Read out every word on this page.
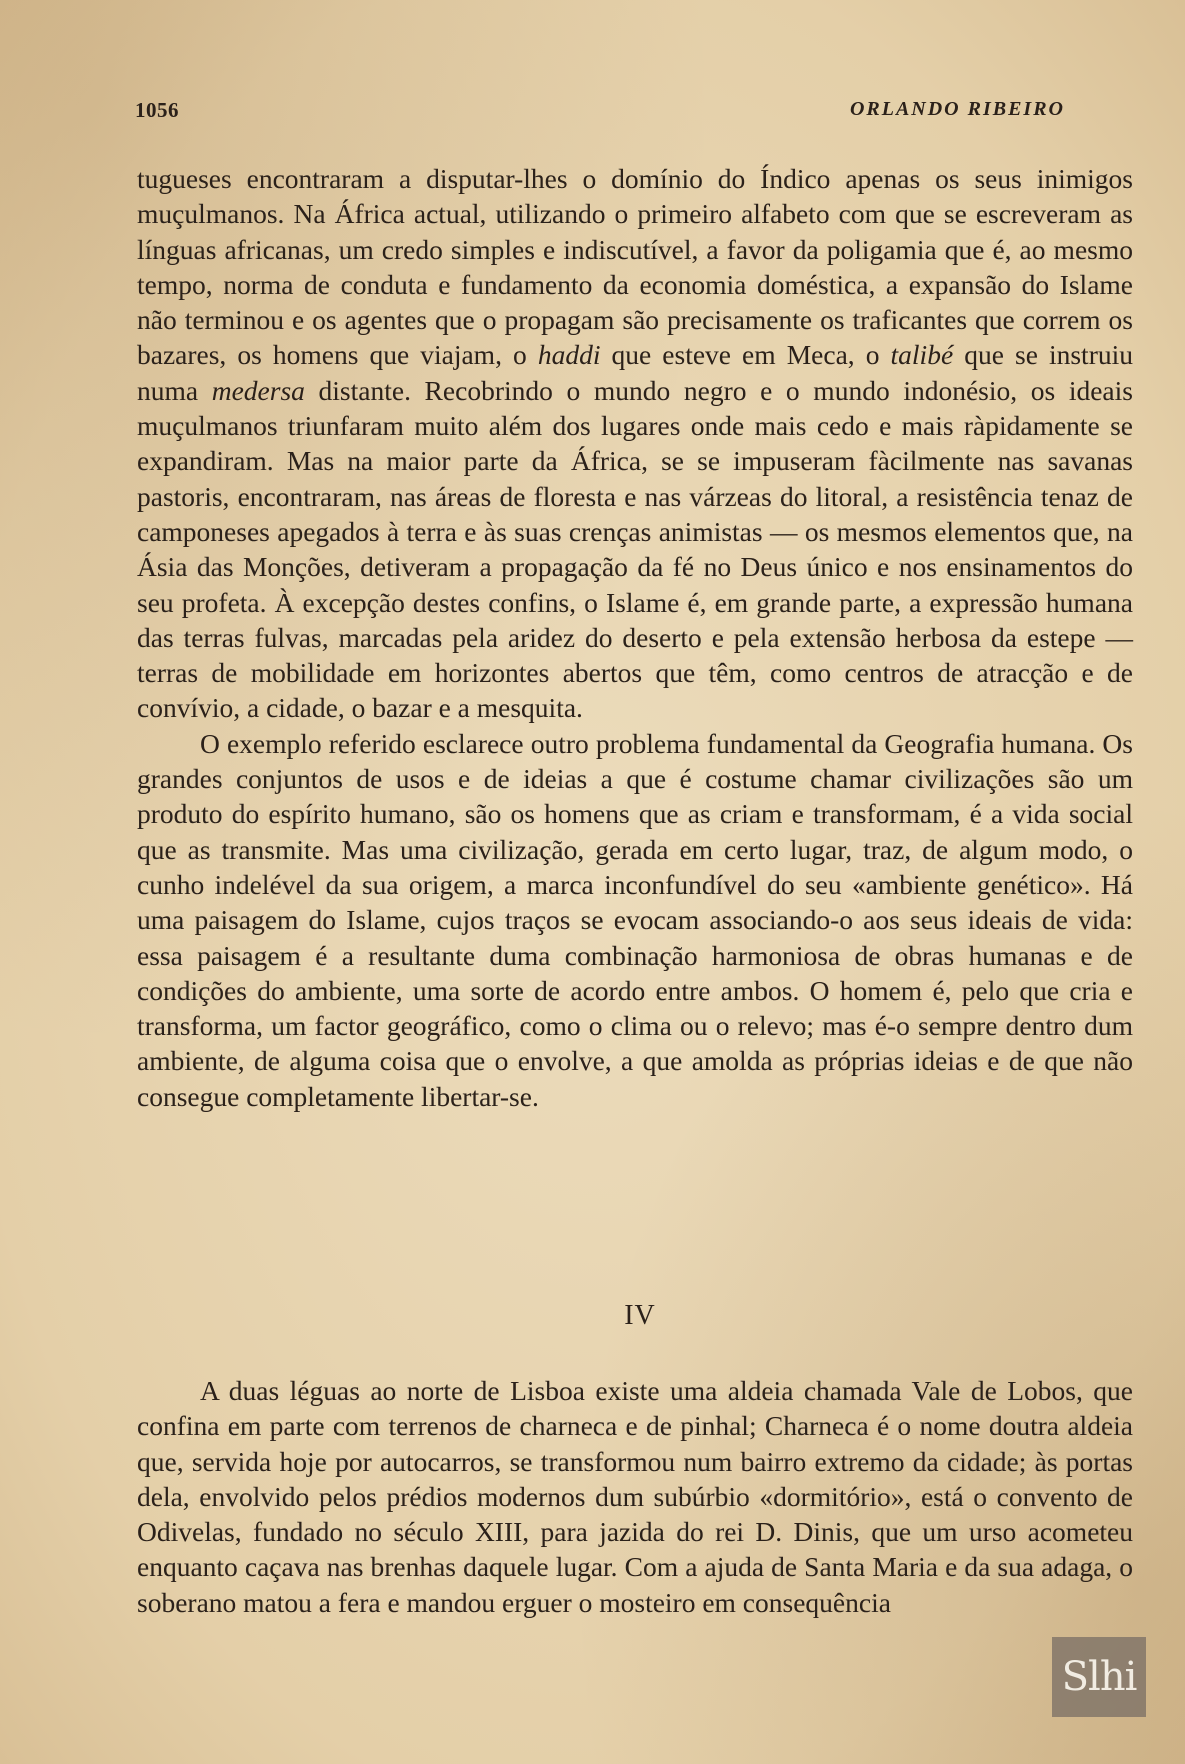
1056	ORLANDO RIBEIRO

tugueses encontraram a disputar-lhes o domínio do Índico apenas os seus inimigos muçulmanos. Na África actual, utilizando o primeiro alfabeto com que se escreveram as línguas africanas, um credo simples e indiscutível, a favor da poligamia que é, ao mesmo tempo, norma de conduta e fundamento da economia doméstica, a expansão do Islame não terminou e os agentes que o propagam são precisamente os traficantes que correm os bazares, os homens que viajam, o haddi que esteve em Meca, o talibé que se instruiu numa medersa distante. Recobrindo o mundo negro e o mundo indonésio, os ideais muçulmanos triunfaram muito além dos lugares onde mais cedo e mais ràpidamente se expandiram. Mas na maior parte da África, se se impuseram fàcilmente nas savanas pastoris, encontraram, nas áreas de floresta e nas várzeas do litoral, a resistência tenaz de camponeses apegados à terra e às suas crenças animistas — os mesmos elementos que, na Ásia das Monções, detiveram a propagação da fé no Deus único e nos ensinamentos do seu profeta. À excepção destes confins, o Islame é, em grande parte, a expressão humana das terras fulvas, marcadas pela aridez do deserto e pela extensão herbosa da estepe — terras de mobilidade em horizontes abertos que têm, como centros de atracção e de convívio, a cidade, o bazar e a mesquita.

O exemplo referido esclarece outro problema fundamental da Geografia humana. Os grandes conjuntos de usos e de ideias a que é costume chamar civilizações são um produto do espírito humano, são os homens que as criam e transformam, é a vida social que as transmite. Mas uma civilização, gerada em certo lugar, traz, de algum modo, o cunho indelével da sua origem, a marca inconfundível do seu «ambiente genético». Há uma paisagem do Islame, cujos traços se evocam associando-o aos seus ideais de vida: essa paisagem é a resultante duma combinação harmoniosa de obras humanas e de condições do ambiente, uma sorte de acordo entre ambos. O homem é, pelo que cria e transforma, um factor geográfico, como o clima ou o relevo; mas é-o sempre dentro dum ambiente, de alguma coisa que o envolve, a que amolda as próprias ideias e de que não consegue completamente libertar-se.

IV

A duas léguas ao norte de Lisboa existe uma aldeia chamada Vale de Lobos, que confina em parte com terrenos de charneca e de pinhal; Charneca é o nome doutra aldeia que, servida hoje por autocarros, se transformou num bairro extremo da cidade; às portas dela, envolvido pelos prédios modernos dum subúrbio «dormitório», está o convento de Odivelas, fundado no século XIII, para jazida do rei D. Dinis, que um urso acometeu enquanto caçava nas brenhas daquele lugar. Com a ajuda de Santa Maria e da sua adaga, o soberano matou a fera e mandou erguer o mosteiro em consequência

Slhi
